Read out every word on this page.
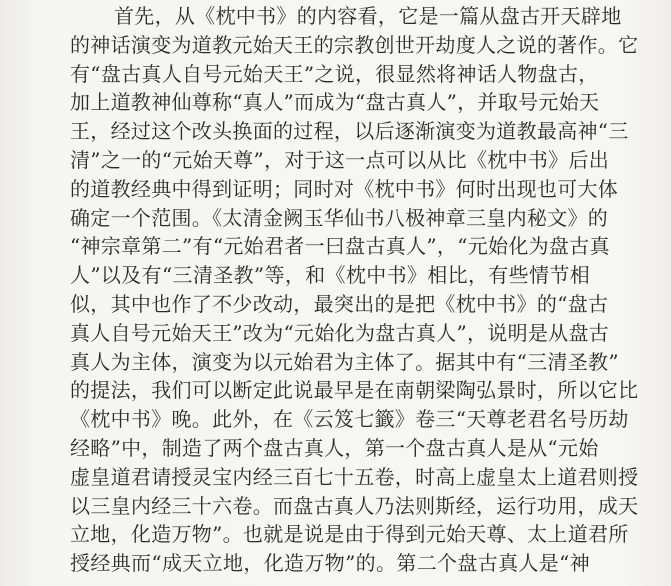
首先，从《枕中书》的内容看，它是一篇从盘古开天辟地
的神话演变为道教元始天王的宗教创世开劫度人之说的著作。它
有“盘古真人自号元始天王”之说，很显然将神话人物盘古，
加上道教神仙尊称“真人”而成为“盘古真人”，并取号元始天
王，经过这个改头换面的过程，以后逐渐演变为道教最高神“三
清”之一的“元始天尊”，对于这一点可以从比《枕中书》后出
的道教经典中得到证明；同时对《枕中书》何时出现也可大体
确定一个范围。《太清金阙玉华仙书八极神章三皇内秘文》的
“神宗章第二”有“元始君者一曰盘古真人”，“元始化为盘古真
人”以及有“三清圣教”等，和《枕中书》相比，有些情节相
似，其中也作了不少改动，最突出的是把《枕中书》的“盘古
真人自号元始天王”改为“元始化为盘古真人”，说明是从盘古
真人为主体，演变为以元始君为主体了。据其中有“三清圣教”
的提法，我们可以断定此说最早是在南朝梁陶弘景时，所以它比
《枕中书》晚。此外，在《云笈七籤》卷三“天尊老君名号历劫
经略”中，制造了两个盘古真人，第一个盘古真人是从“元始
虚皇道君请授灵宝内经三百七十五卷，时高上虚皇太上道君则授
以三皇内经三十六卷。而盘古真人乃法则斯经，运行功用，成天
立地，化造万物”。也就是说是由于得到元始天尊、太上道君所
授经典而“成天立地，化造万物”的。第二个盘古真人是“神
